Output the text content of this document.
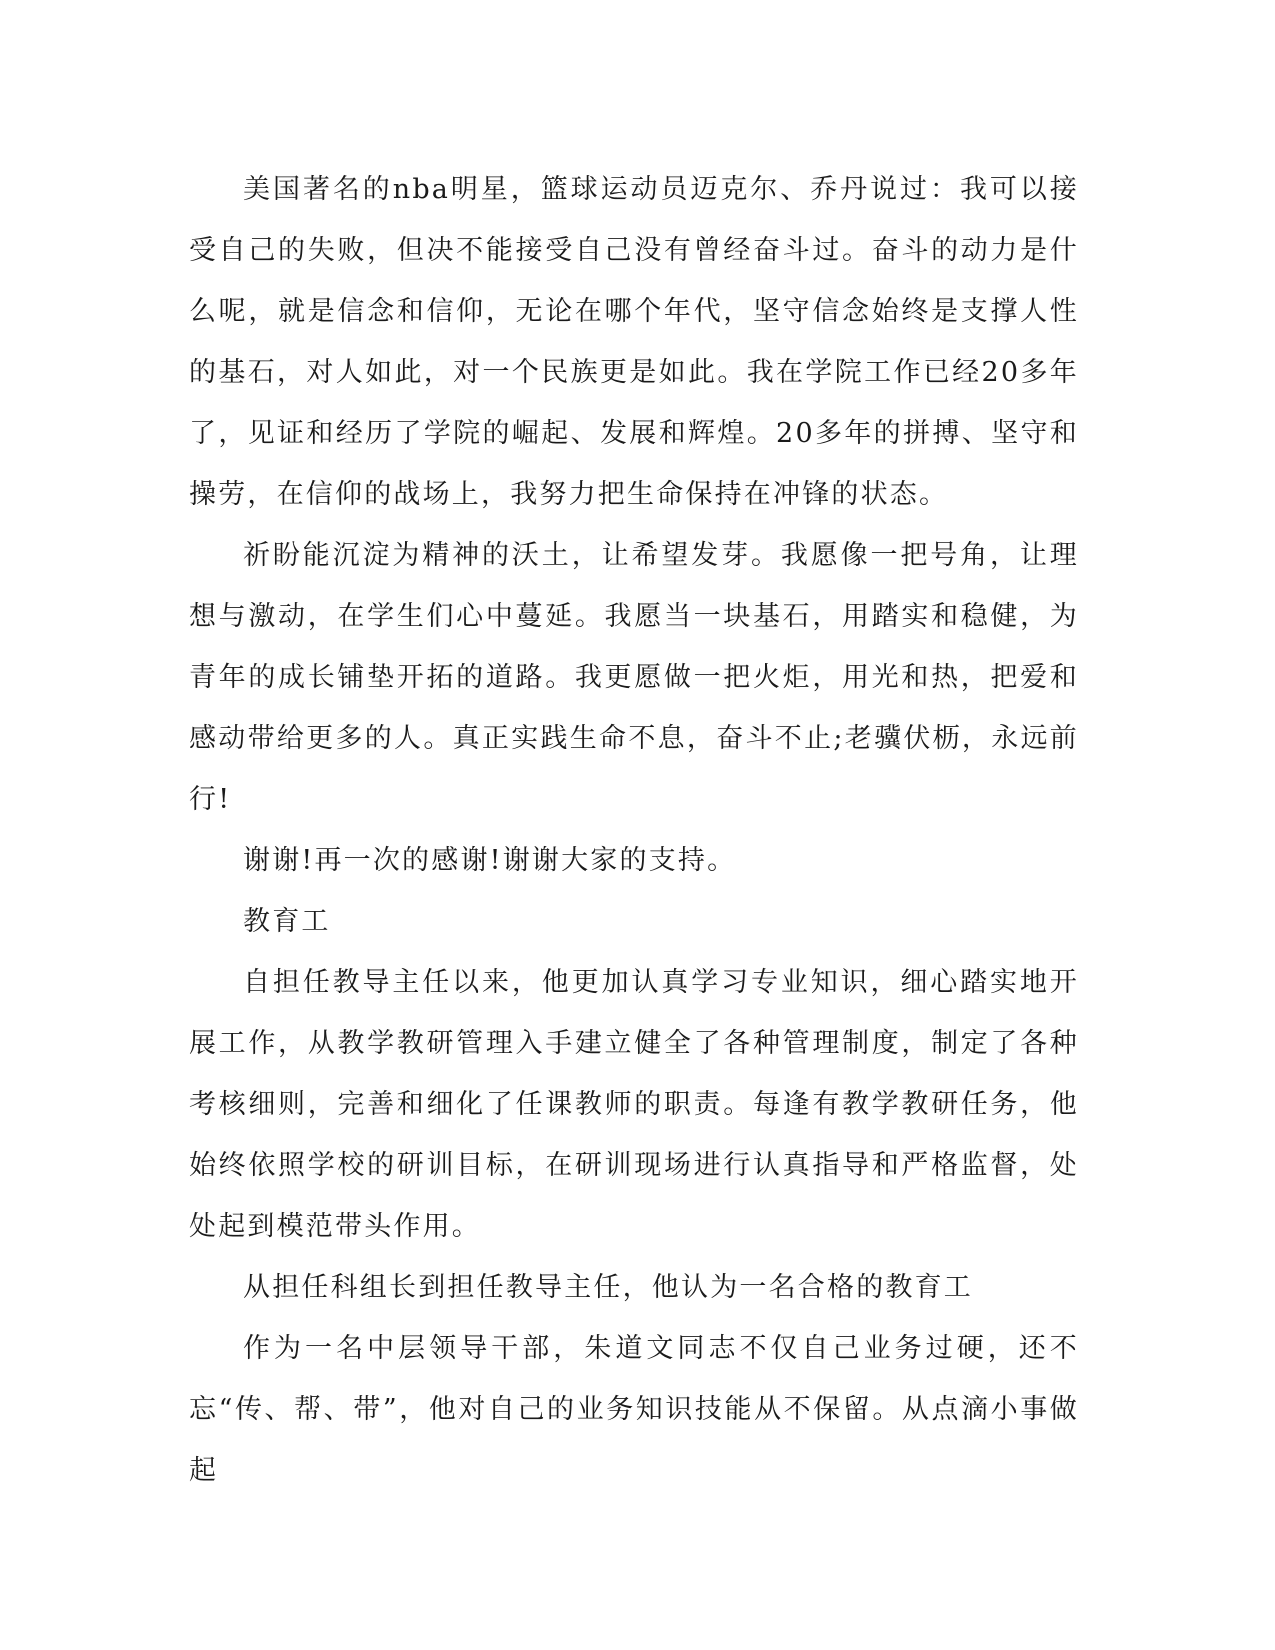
美国著名的nba明星，篮球运动员迈克尔、乔丹说过：我可以接受自己的失败，但决不能接受自己没有曾经奋斗过。奋斗的动力是什么呢，就是信念和信仰，无论在哪个年代，坚守信念始终是支撑人性的基石，对人如此，对一个民族更是如此。我在学院工作已经20多年了，见证和经历了学院的崛起、发展和辉煌。20多年的拼搏、坚守和操劳，在信仰的战场上，我努力把生命保持在冲锋的状态。

祈盼能沉淀为精神的沃土，让希望发芽。我愿像一把号角，让理想与激动，在学生们心中蔓延。我愿当一块基石，用踏实和稳健，为青年的成长铺垫开拓的道路。我更愿做一把火炬，用光和热，把爱和感动带给更多的人。真正实践生命不息，奋斗不止;老骥伏枥，永远前行!

谢谢!再一次的感谢!谢谢大家的支持。

教育工

自担任教导主任以来，他更加认真学习专业知识，细心踏实地开展工作，从教学教研管理入手建立健全了各种管理制度，制定了各种考核细则，完善和细化了任课教师的职责。每逢有教学教研任务，他始终依照学校的研训目标，在研训现场进行认真指导和严格监督，处处起到模范带头作用。

从担任科组长到担任教导主任，他认为一名合格的教育工

作为一名中层领导干部，朱道文同志不仅自己业务过硬，还不忘“传、帮、带”，他对自己的业务知识技能从不保留。从点滴小事做起
